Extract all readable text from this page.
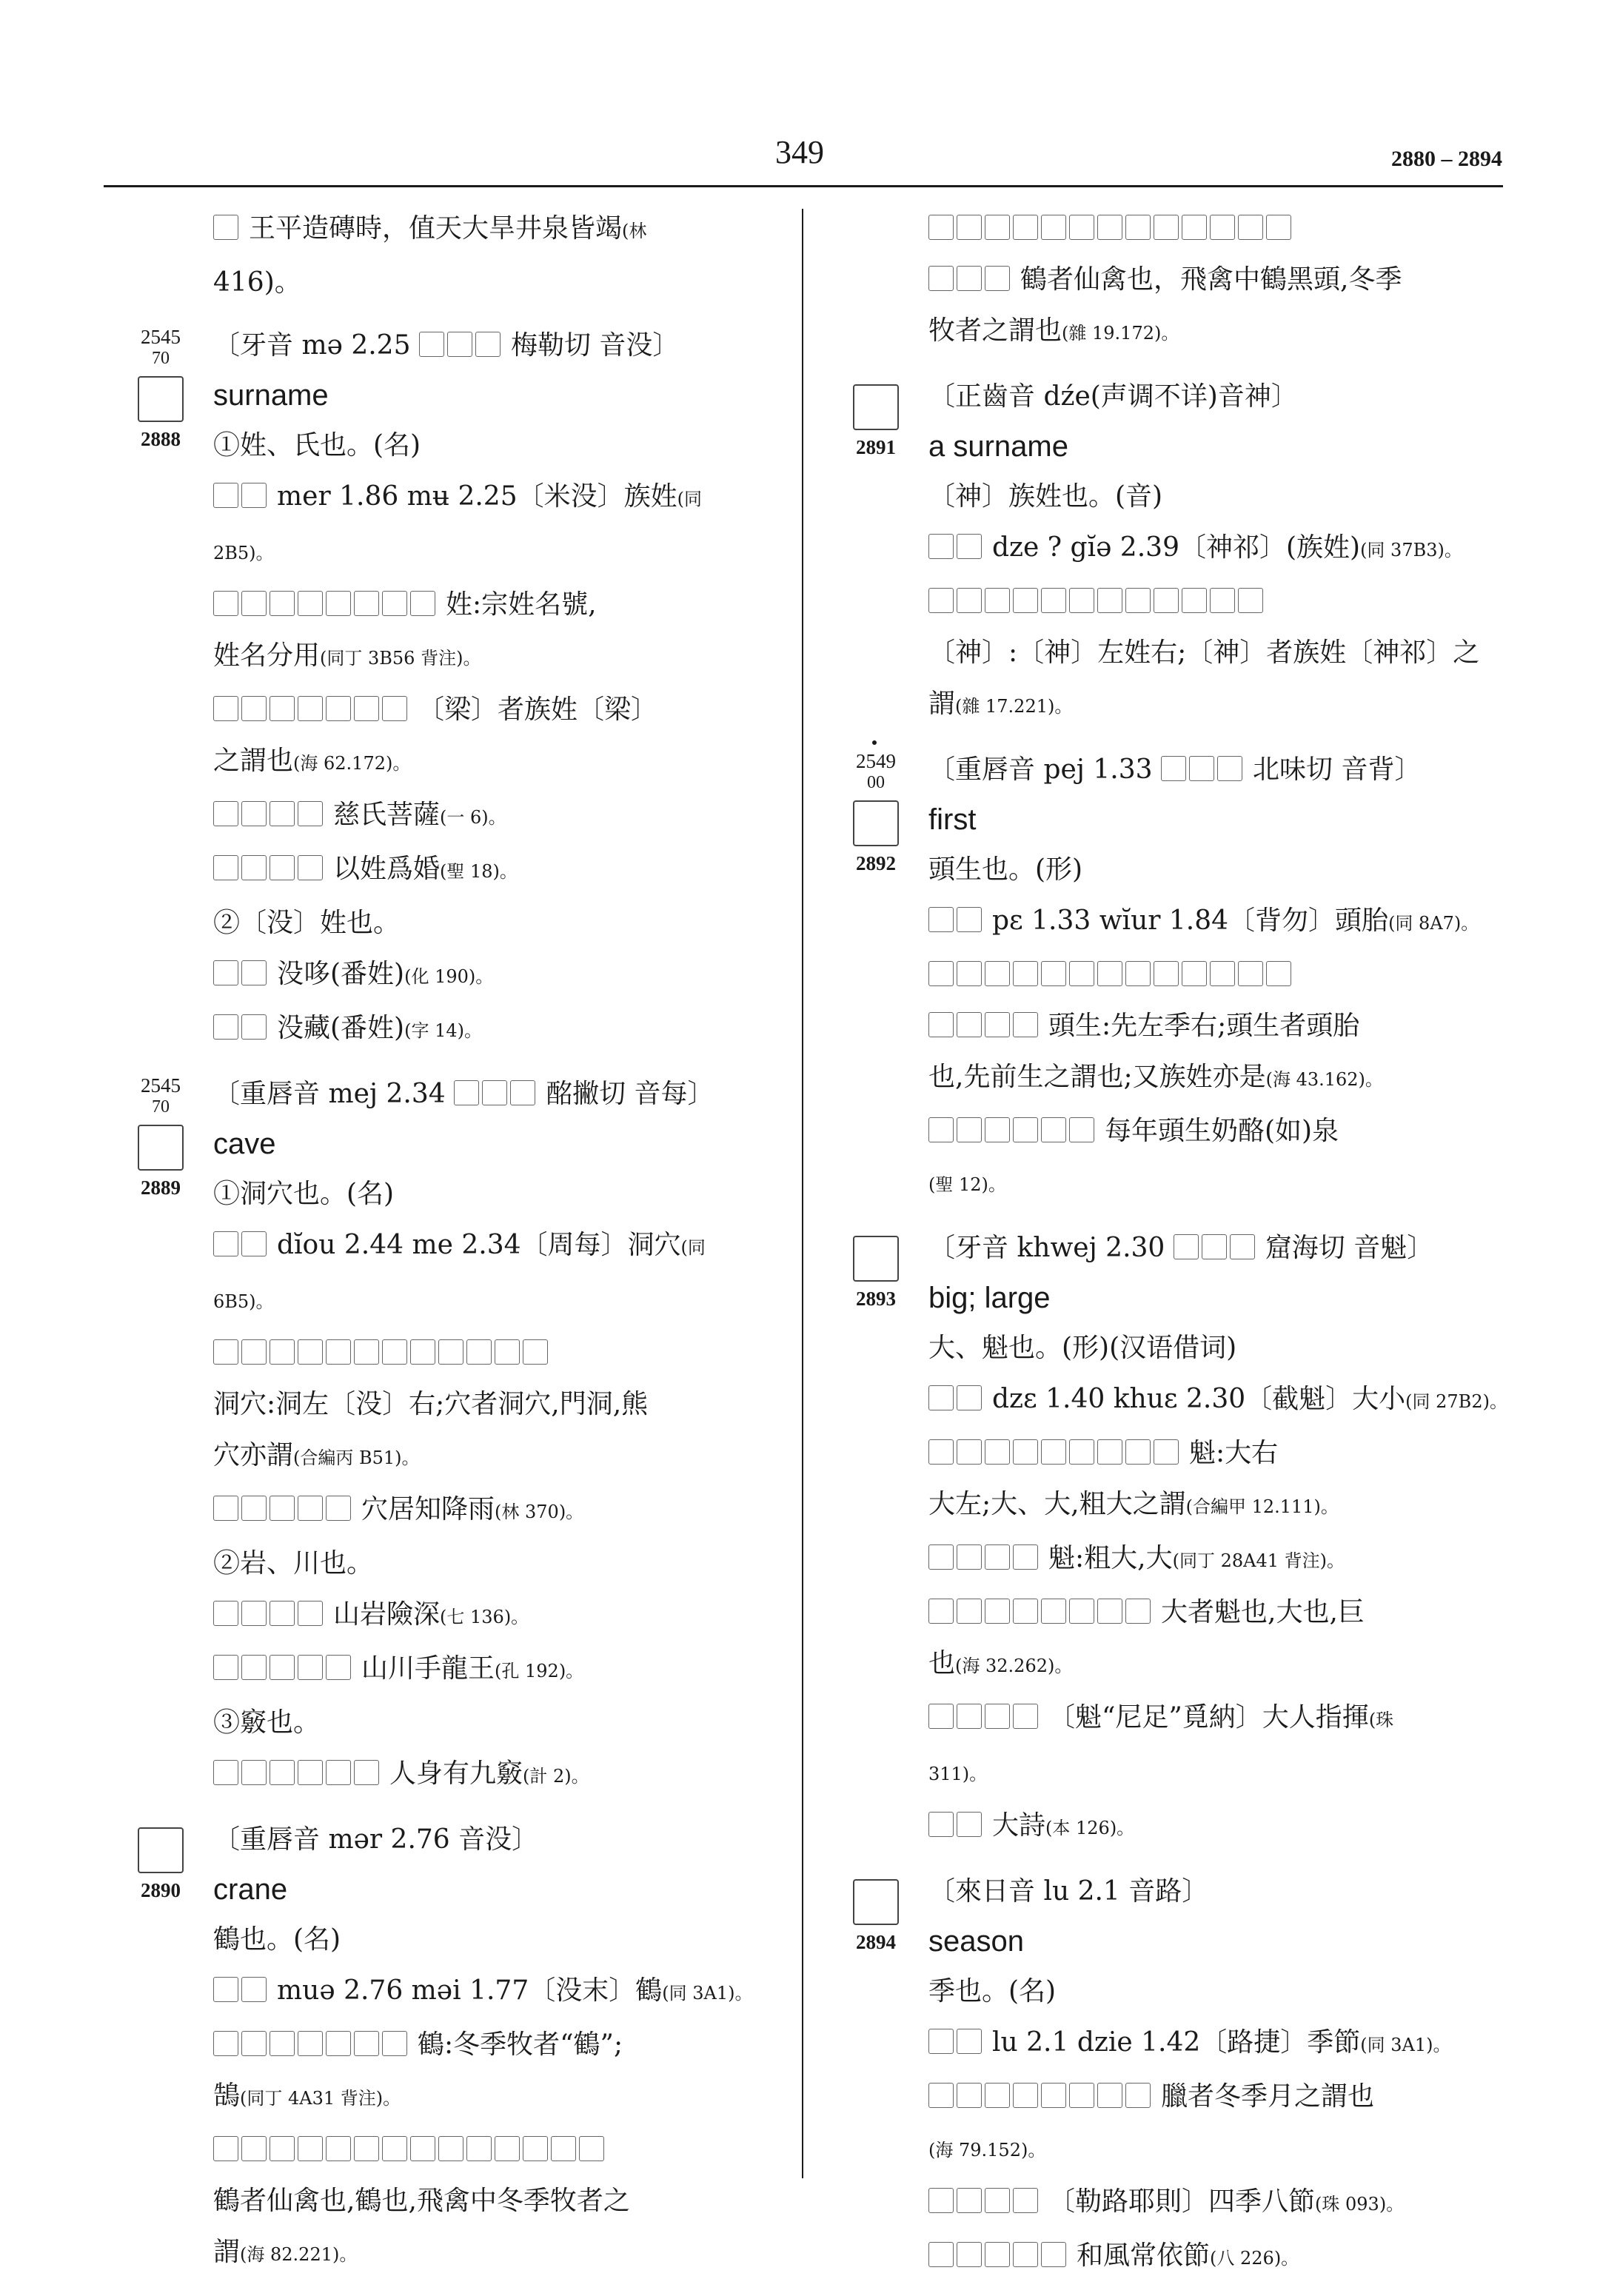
349	2880 – 2894
王平造磚時，值天大旱井泉皆竭(林
416)。
2545
70
2888
〔牙音 mə 2.25	梅勒切 音没〕
surname
①姓、氏也。(名)
mer 1.86 mʉ 2.25〔米没〕族姓(同
2B5)。
姓:宗姓名號,
姓名分用(同丁 3B56 背注)。
〔梁〕者族姓〔梁〕
之謂也(海 62.172)。
慈氏菩薩(一 6)。
以姓爲婚(聖 18)。
②〔没〕姓也。
没哆(番姓)(化 190)。
没藏(番姓)(字 14)。
2545
70
2889
〔重唇音 mej 2.34	酩撇切 音每〕
cave
①洞穴也。(名)
dĭou 2.44 me 2.34〔周每〕洞穴(同
6B5)。
洞穴:洞左〔没〕右;穴者洞穴,門洞,熊
穴亦謂(合編丙 B51)。
穴居知降雨(林 370)。
②岩、川也。
山岩險深(七 136)。
山川手龍王(孔 192)。
③竅也。
人身有九竅(計 2)。
2890
〔重唇音 mər 2.76 音没〕
crane
鶴也。(名)
muə 2.76 məi 1.77〔没末〕鶴(同 3A1)。
鶴:冬季牧者“鶴”;
鵠(同丁 4A31 背注)。
鶴者仙禽也,鶴也,飛禽中冬季牧者之
謂(海 82.221)。
鶴者仙禽也，飛禽中鶴黑頭,冬季
牧者之謂也(雜 19.172)。
2891
〔正齒音 dźe(声调不详)音神〕
a surname
〔神〕族姓也。(音)
dze ? gĭə 2.39〔神祁〕(族姓)(同 37B3)。
〔神〕:〔神〕左姓右;〔神〕者族姓〔神祁〕之
謂(雜 17.221)。
2549
00
2892
〔重唇音 pej 1.33	北味切 音背〕
first
頭生也。(形)
pɛ 1.33 wĭur 1.84〔背勿〕頭胎(同 8A7)。
頭生:先左季右;頭生者頭胎
也,先前生之謂也;又族姓亦是(海 43.162)。
每年頭生奶酪(如)泉
(聖 12)。
2893
〔牙音 khwej 2.30	窟海切 音魁〕
big; large
大、魁也。(形)(汉语借词)
dzɛ 1.40 khuɛ 2.30〔截魁〕大小(同 27B2)。
魁:大右
大左;大、大,粗大之謂(合編甲 12.111)。
魁:粗大,大(同丁 28A41 背注)。
大者魁也,大也,巨
也(海 32.262)。
〔魁“尼足”覓納〕大人指揮(珠
311)。
大詩(本 126)。
2894
〔來日音 lu 2.1 音路〕
season
季也。(名)
lu 2.1 dzie 1.42〔路捷〕季節(同 3A1)。
臘者冬季月之謂也
(海 79.152)。
〔勒路耶則〕四季八節(珠 093)。
和風常依節(八 226)。
